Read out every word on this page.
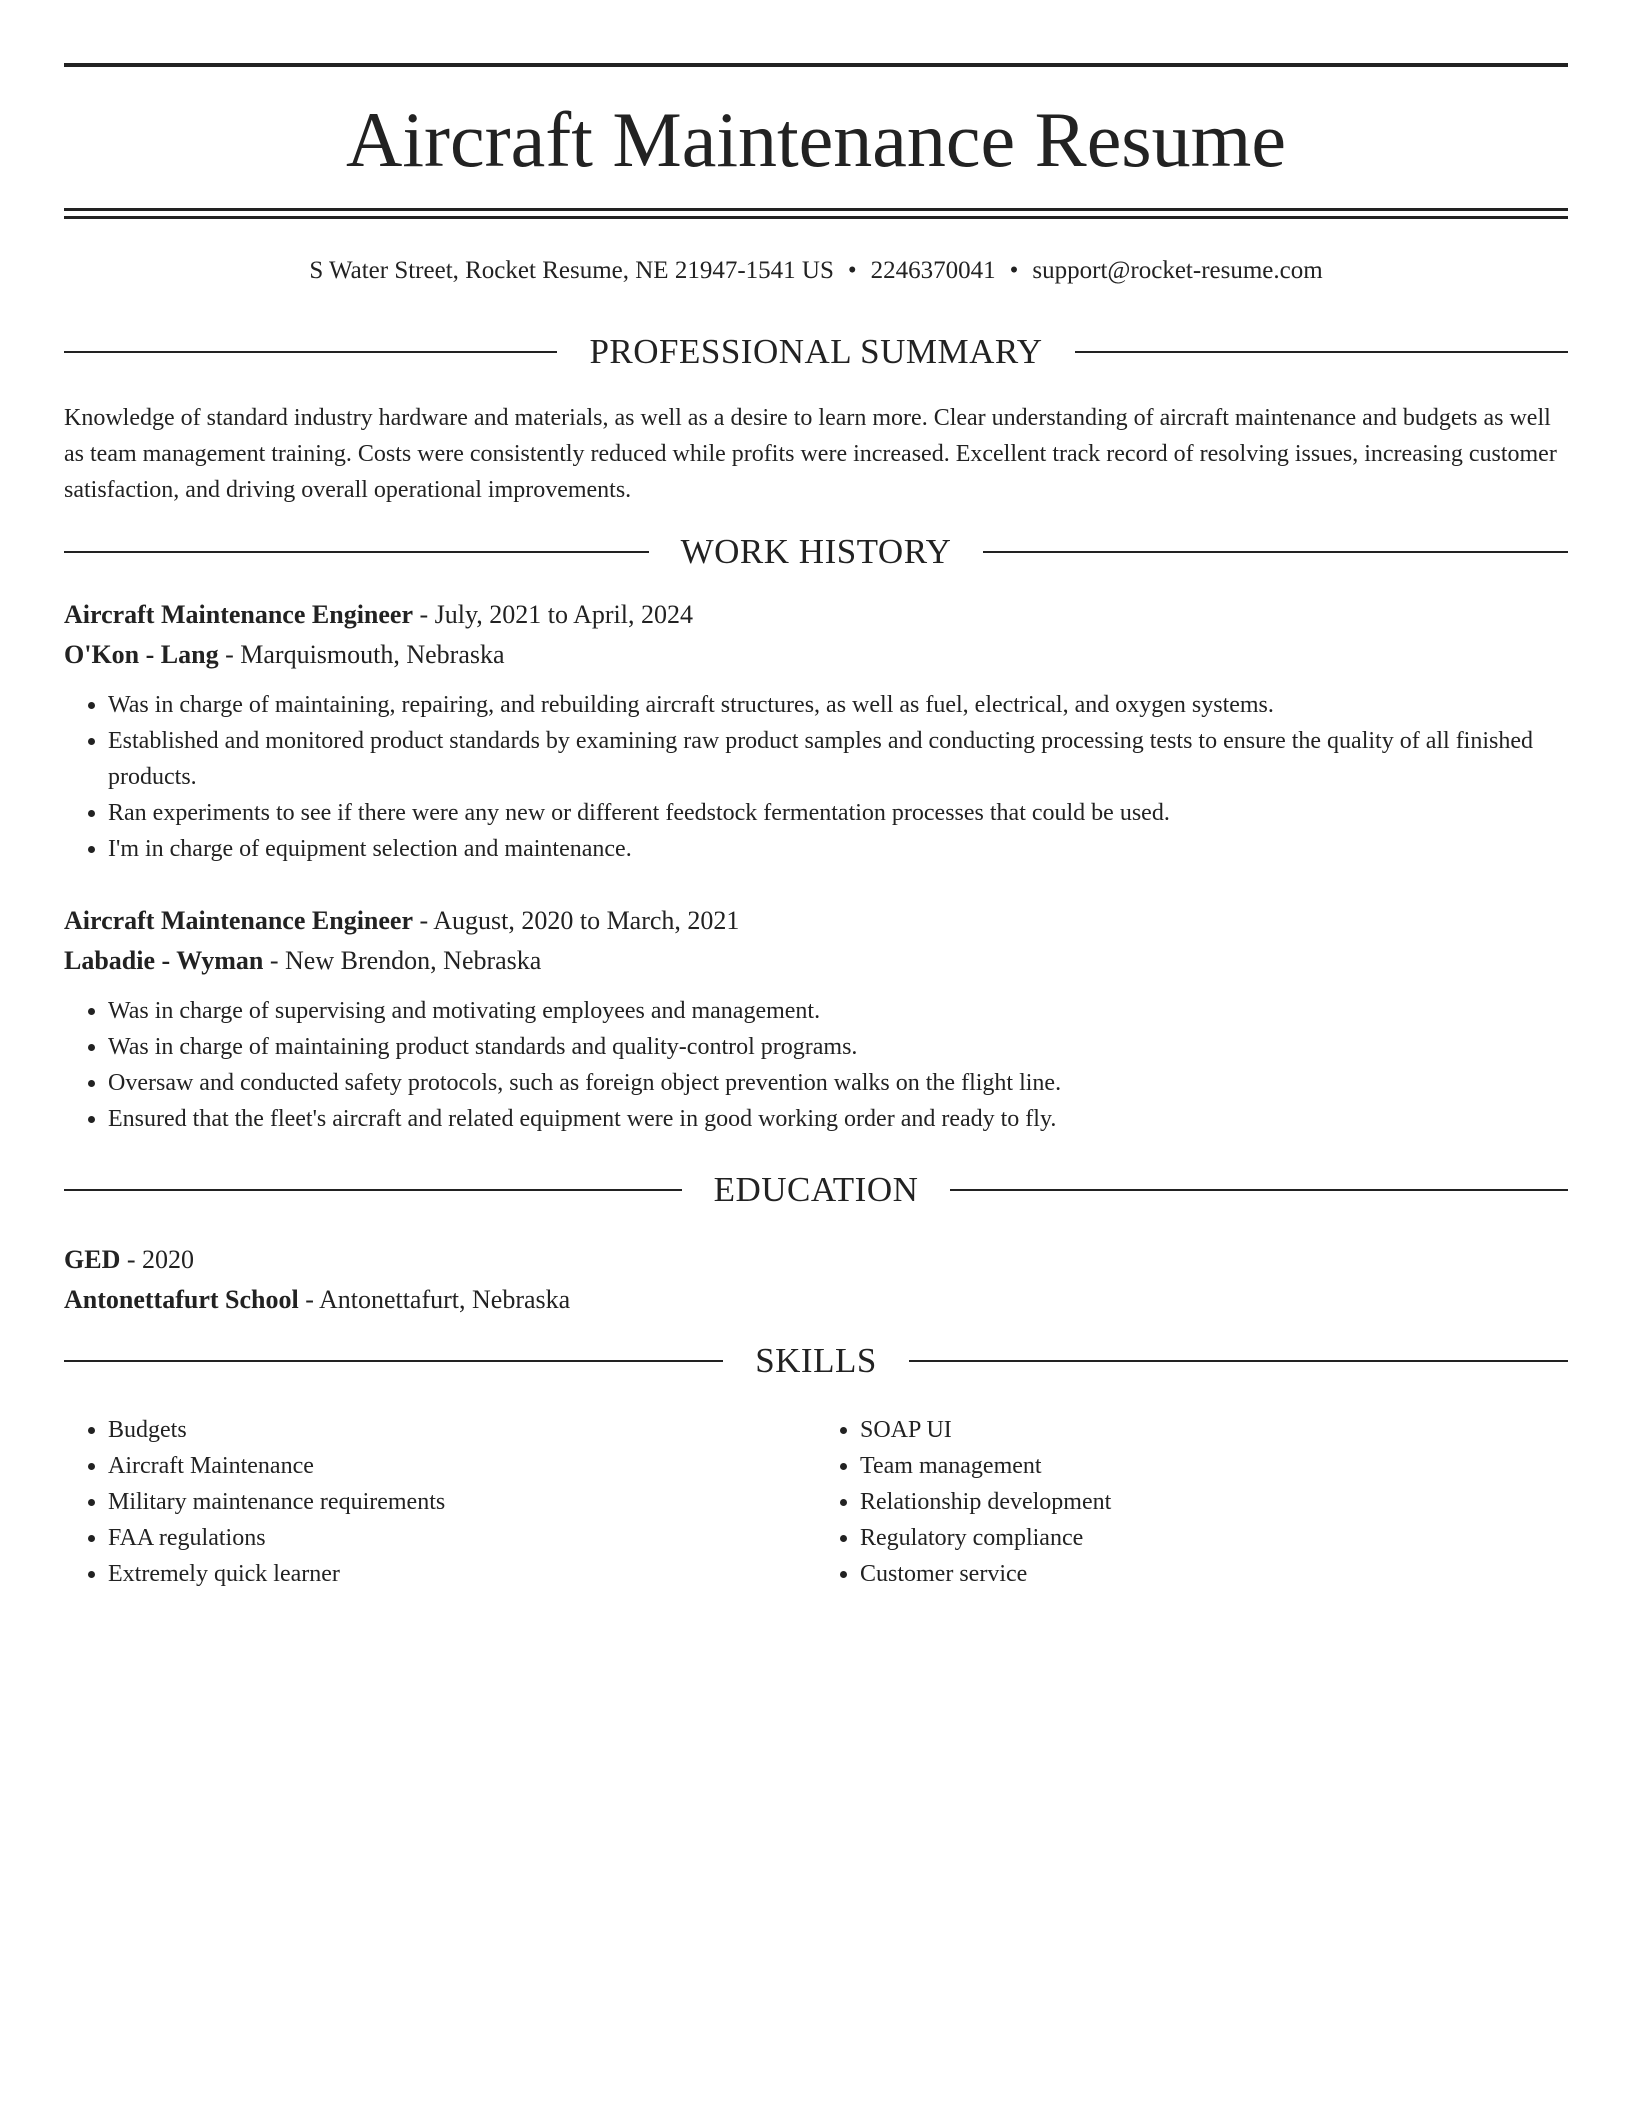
Aircraft Maintenance Resume
S Water Street, Rocket Resume, NE 21947-1541 US • 2246370041 • support@rocket-resume.com
PROFESSIONAL SUMMARY

Knowledge of standard industry hardware and materials, as well as a desire to learn more. Clear understanding of aircraft maintenance and budgets as well as team management training. Costs were consistently reduced while profits were increased. Excellent track record of resolving issues, increasing customer satisfaction, and driving overall operational improvements.

WORK HISTORY
Aircraft Maintenance Engineer - July, 2021 to April, 2024
O'Kon - Lang - Marquismouth, Nebraska
• Was in charge of maintaining, repairing, and rebuilding aircraft structures, as well as fuel, electrical, and oxygen systems.
• Established and monitored product standards by examining raw product samples and conducting processing tests to ensure the quality of all finished products.
• Ran experiments to see if there were any new or different feedstock fermentation processes that could be used.
• I'm in charge of equipment selection and maintenance.
Aircraft Maintenance Engineer - August, 2020 to March, 2021
Labadie - Wyman - New Brendon, Nebraska
• Was in charge of supervising and motivating employees and management.
• Was in charge of maintaining product standards and quality-control programs.
• Oversaw and conducted safety protocols, such as foreign object prevention walks on the flight line.
• Ensured that the fleet's aircraft and related equipment were in good working order and ready to fly.
EDUCATION
GED - 2020
Antonettafurt School - Antonettafurt, Nebraska
SKILLS
• Budgets
• Aircraft Maintenance
• Military maintenance requirements
• FAA regulations
• Extremely quick learner
• SOAP UI
• Team management
• Relationship development
• Regulatory compliance
• Customer service
